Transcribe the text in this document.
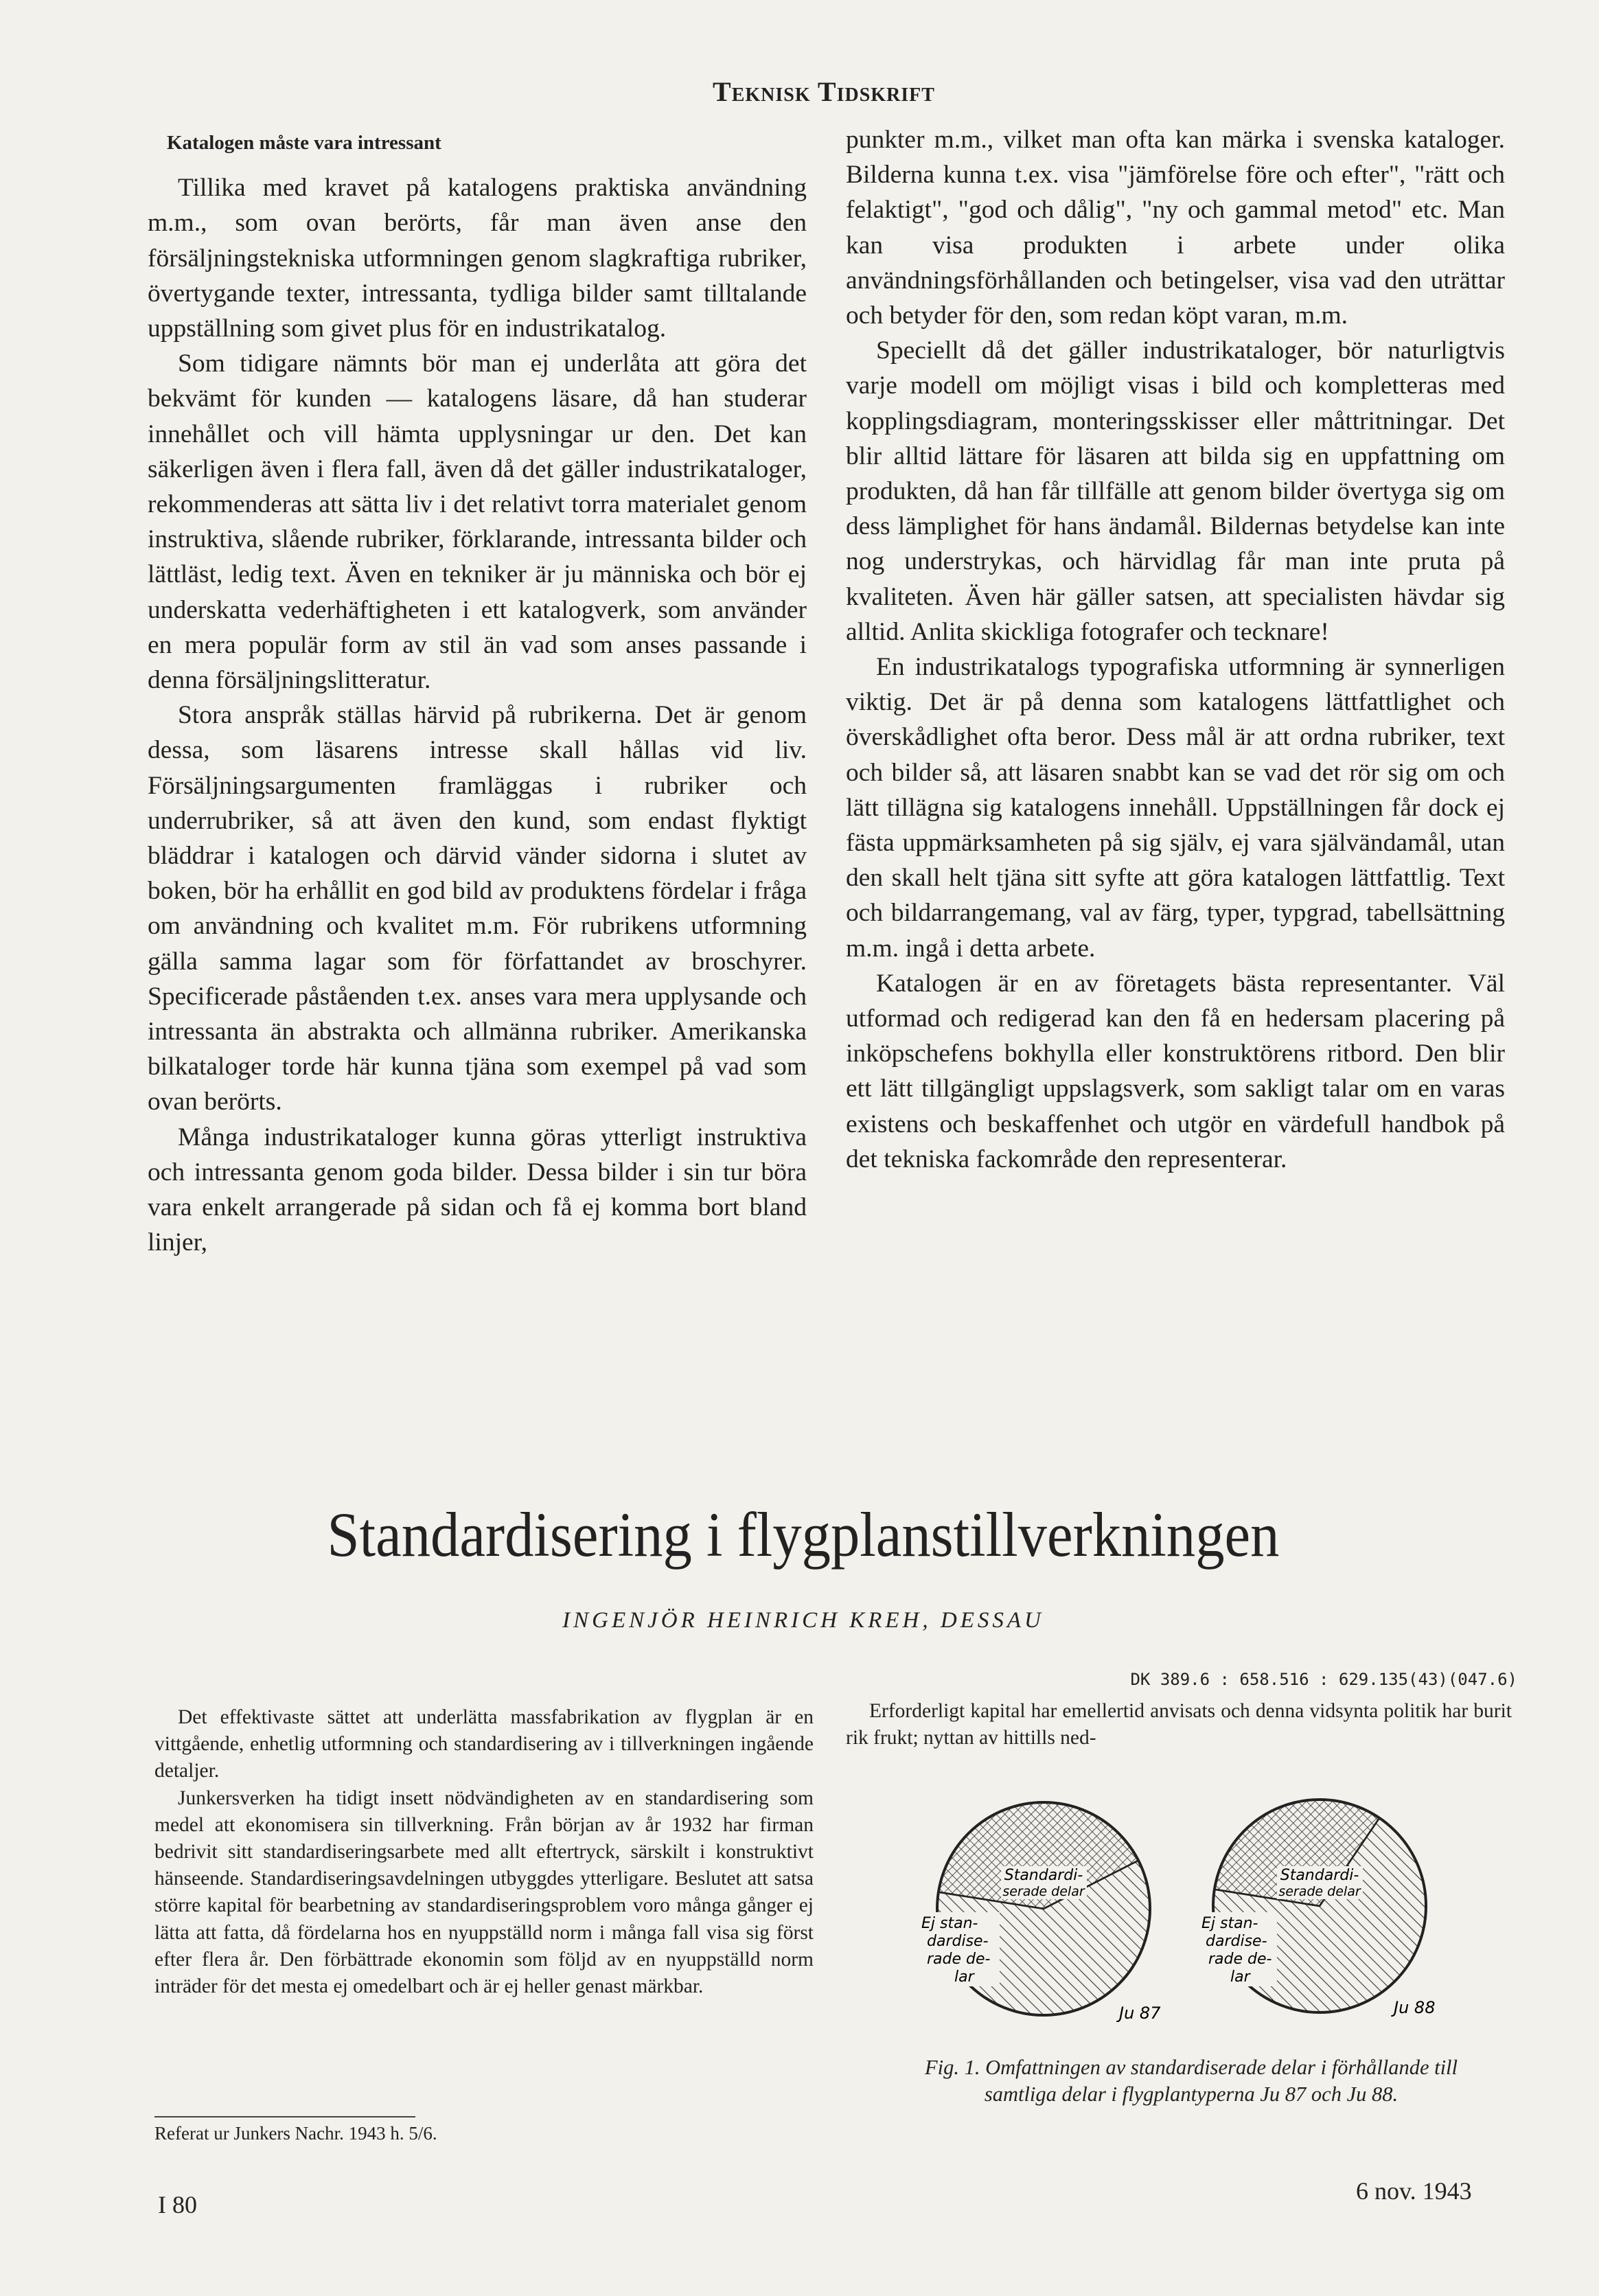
Teknisk Tidskrift
Katalogen måste vara intressant

Tillika med kravet på katalogens praktiska användning m.m., som ovan berörts, får man även anse den försäljningstekniska utformningen genom slagkraftiga rubriker, övertygande texter, intressanta, tydliga bilder samt tilltalande uppställning som givet plus för en industrikatalog.

Som tidigare nämnts bör man ej underlåta att göra det bekvämt för kunden — katalogens läsare, då han studerar innehållet och vill hämta upplysningar ur den. Det kan säkerligen även i flera fall, även då det gäller industrikataloger, rekommenderas att sätta liv i det relativt torra materialet genom instruktiva, slående rubriker, förklarande, intressanta bilder och lättläst, ledig text. Även en tekniker är ju människa och bör ej underskatta vederhäftigheten i ett katalogverk, som använder en mera populär form av stil än vad som anses passande i denna försäljningslitteratur.

Stora anspråk ställas härvid på rubrikerna. Det är genom dessa, som läsarens intresse skall hållas vid liv. Försäljningsargumenten framläggas i rubriker och underrubriker, så att även den kund, som endast flyktigt bläddrar i katalogen och därvid vänder sidorna i slutet av boken, bör ha erhållit en god bild av produktens fördelar i fråga om användning och kvalitet m.m. För rubrikens utformning gälla samma lagar som för författandet av broschyrer. Specificerade påståenden t.ex. anses vara mera upplysande och intressanta än abstrakta och allmänna rubriker. Amerikanska bilkataloger torde här kunna tjäna som exempel på vad som ovan berörts.

Många industrikataloger kunna göras ytterligt instruktiva och intressanta genom goda bilder. Dessa bilder i sin tur böra vara enkelt arrangerade på sidan och få ej komma bort bland linjer,

punkter m.m., vilket man ofta kan märka i svenska kataloger. Bilderna kunna t.ex. visa "jämförelse före och efter", "rätt och felaktigt", "god och dålig", "ny och gammal metod" etc. Man kan visa produkten i arbete under olika användningsförhållanden och betingelser, visa vad den uträttar och betyder för den, som redan köpt varan, m.m.

Speciellt då det gäller industrikataloger, bör naturligtvis varje modell om möjligt visas i bild och kompletteras med kopplingsdiagram, monteringsskisser eller måttritningar. Det blir alltid lättare för läsaren att bilda sig en uppfattning om produkten, då han får tillfälle att genom bilder övertyga sig om dess lämplighet för hans ändamål. Bildernas betydelse kan inte nog understrykas, och härvidlag får man inte pruta på kvaliteten. Även här gäller satsen, att specialisten hävdar sig alltid. Anlita skickliga fotografer och tecknare!

En industrikatalogs typografiska utformning är synnerligen viktig. Det är på denna som katalogens lättfattlighet och överskådlighet ofta beror. Dess mål är att ordna rubriker, text och bilder så, att läsaren snabbt kan se vad det rör sig om och lätt tillägna sig katalogens innehåll. Uppställningen får dock ej fästa uppmärksamheten på sig själv, ej vara självändamål, utan den skall helt tjäna sitt syfte att göra katalogen lättfattlig. Text och bildarrangemang, val av färg, typer, typgrad, tabellsättning m.m. ingå i detta arbete.

Katalogen är en av företagets bästa representanter. Väl utformad och redigerad kan den få en hedersam placering på inköpschefens bokhylla eller konstruktörens ritbord. Den blir ett lätt tillgängligt uppslagsverk, som sakligt talar om en varas existens och beskaffenhet och utgör en värdefull handbok på det tekniska fackområde den representerar.

Standardisering i flygplanstillverkningen
INGENJÖR HEINRICH KREH, DESSAU
DK 389.6 : 658.516 : 629.135(43)(047.6)

Det effektivaste sättet att underlätta massfabrikation av flygplan är en vittgående, enhetlig utformning och standardisering av i tillverkningen ingående detaljer.

Junkersverken ha tidigt insett nödvändigheten av en standardisering som medel att ekonomisera sin tillverkning. Från början av år 1932 har firman bedrivit sitt standardiseringsarbete med allt eftertryck, särskilt i konstruktivt hänseende. Standardiseringsavdelningen utbyggdes ytterligare. Beslutet att satsa större kapital för bearbetning av standardiseringsproblem voro många gånger ej lätta att fatta, då fördelarna hos en nyuppställd norm i många fall visa sig först efter flera år. Den förbättrade ekonomin som följd av en nyuppställd norm inträder för det mesta ej omedelbart och är ej heller genast märkbar.

Erforderligt kapital har emellertid anvisats och denna vidsynta politik har burit rik frukt; nyttan av hittills ned-

Standardi-
serade delar
Ej stan-
dardise-
rade de-
lar
Ju 87
Standardi-
serade delar
Ej stan-
dardise-
rade de-
lar
Ju 88
Fig. 1. Omfattningen av standardiserade delar i förhållande till samtliga delar i flygplantyperna Ju 87 och Ju 88.
Referat ur Junkers Nachr. 1943 h. 5/6.
I 80	6 nov. 1943
